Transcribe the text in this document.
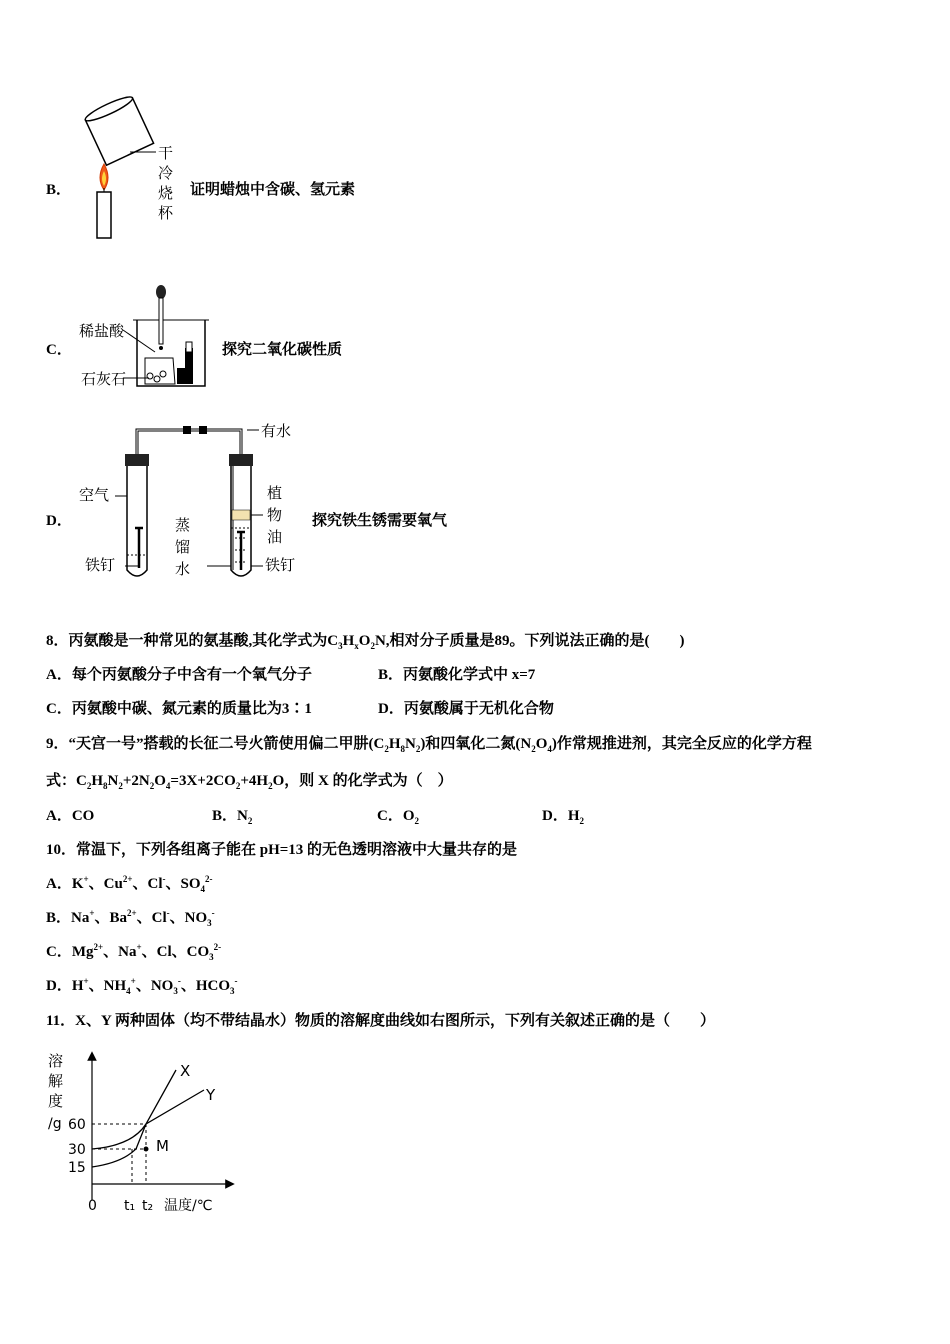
B．
干
冷
烧
杯
证明蜡烛中含碳、氢元素
C．
稀盐酸
石灰石
探究二氧化碳性质
D．
有水
空气	植
物
油
蒸
馏
水
铁钉	铁钉
探究铁生锈需要氧气
8．丙氨酸是一种常见的氨基酸,其化学式为$C_3H_xO_2N$,相对分子质量是89。下列说法正确的是(　　)
A．每个丙氨酸分子中含有一个氧气分子	B．丙氨酸化学式中 x=7
C．丙氨酸中碳、氮元素的质量比为3∶1	D．丙氨酸属于无机化合物
9．“天宫一号”搭载的长征二号火箭使用偏二甲肼$(C_2H_8N_2)$和四氧化二氮$(N_2O_4)$作常规推进剂，其完全反应的化学方程
式：$C_2H_8N_2+2N_2O_4=3X+2CO_2+4H_2O$，则 X 的化学式为（　）
A．CO	B．$N_2$	C．$O_2$	D．$H_2$
10．常温下，下列各组离子能在 pH=13 的无色透明溶液中大量共存的是
A．K+、$Cu^{2+}$、Cl-、$SO_4^{2-}$
B．Na+、$Ba^{2+}$、Cl-、$NO_3^-$
C．$Mg^{2+}$、Na+、Cl、$CO_3^{2-}$
D．H+、$NH_4^+$、$NO_3^-$、$HCO_3^-$
11．X、Y 两种固体（均不带结晶水）物质的溶解度曲线如右图所示，下列有关叙述正确的是（　　）
60
30
15
t₁ t₂
X
Y
M
溶
解
度
/g
0	温度/℃
